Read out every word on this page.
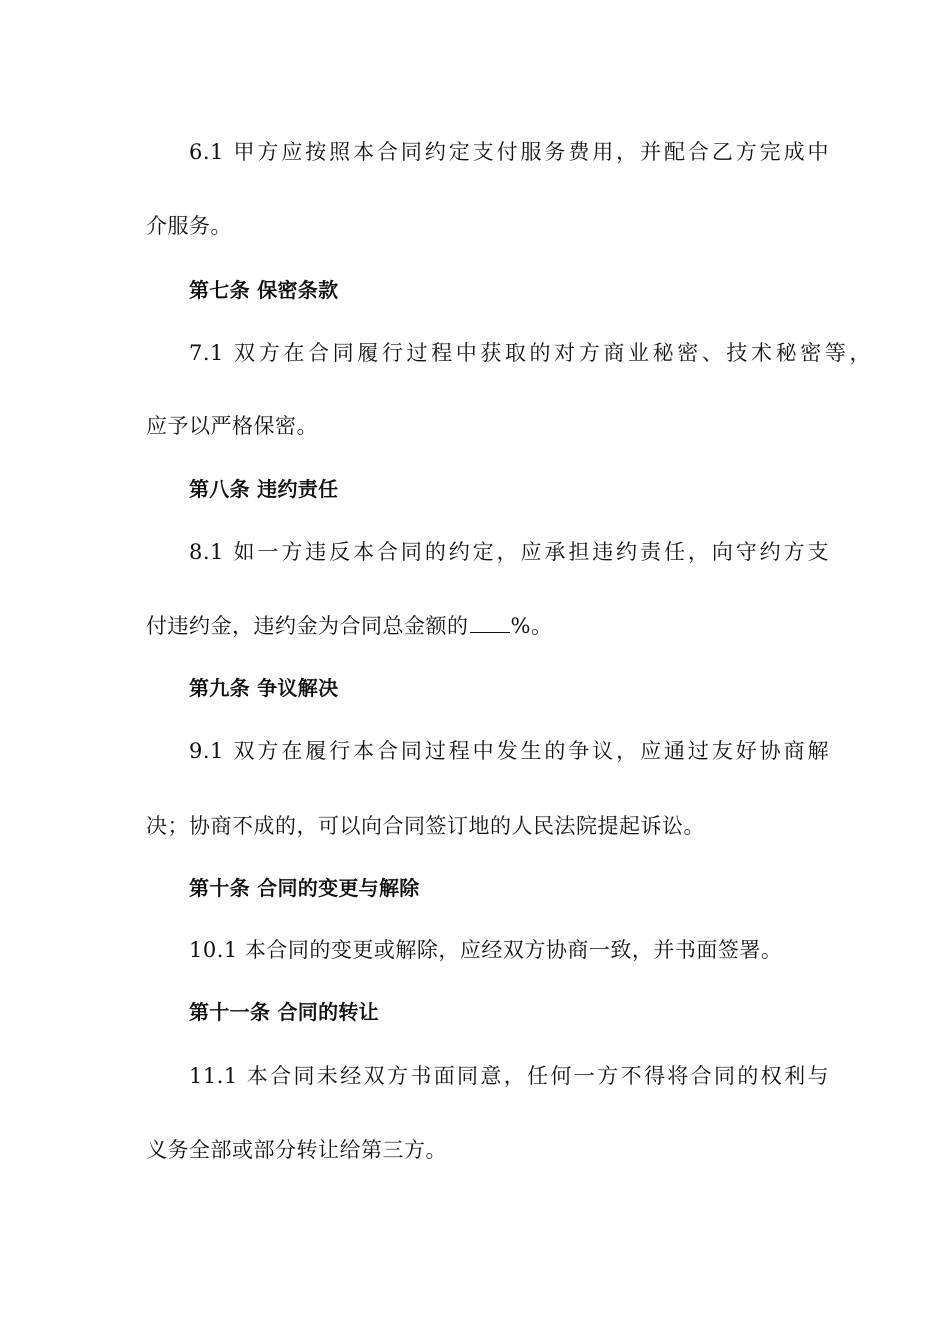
6.1 甲方应按照本合同约定支付服务费用，并配合乙方完成中
介服务。
第七条 保密条款
7.1 双方在合同履行过程中获取的对方商业秘密、技术秘密等，
应予以严格保密。
第八条 违约责任
8.1 如一方违反本合同的约定，应承担违约责任，向守约方支
付违约金，违约金为合同总金额的 %。
第九条 争议解决
9.1 双方在履行本合同过程中发生的争议，应通过友好协商解
决；协商不成的，可以向合同签订地的人民法院提起诉讼。
第十条 合同的变更与解除
10.1 本合同的变更或解除，应经双方协商一致，并书面签署。
第十一条 合同的转让
11.1 本合同未经双方书面同意，任何一方不得将合同的权利与
义务全部或部分转让给第三方。
